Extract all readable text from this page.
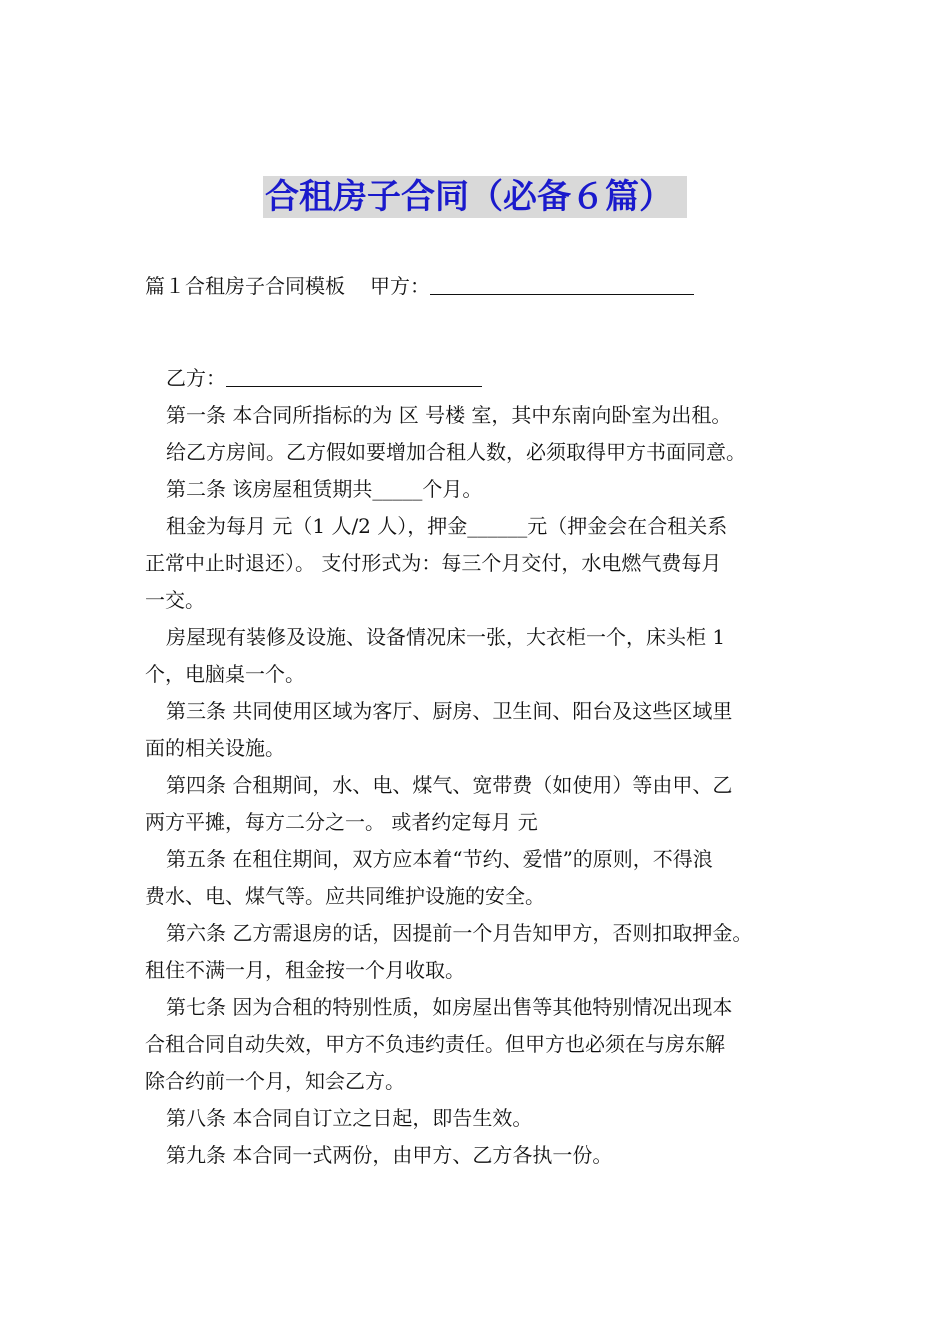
合租房子合同（必备６篇）

篇１合租房子合同模板 甲方：

乙方：

第一条 本合同所指标的为 区 号楼 室，其中东南向卧室为出租。

给乙方房间。乙方假如要增加合租人数，必须取得甲方书面同意。

第二条 该房屋租赁期共_____个月。

租金为每月 元（1 人/2 人），押金______元（押金会在合租关系

正常中止时退还）。 支付形式为：每三个月交付，水电燃气费每月

一交。

房屋现有装修及设施、设备情况床一张，大衣柜一个，床头柜 1

个，电脑桌一个。

第三条 共同使用区域为客厅、厨房、卫生间、阳台及这些区域里

面的相关设施。

第四条 合租期间，水、电、煤气、宽带费（如使用）等由甲、乙

两方平摊，每方二分之一。 或者约定每月 元

第五条 在租住期间，双方应本着“节约、爱惜”的原则，不得浪

费水、电、煤气等。应共同维护设施的安全。

第六条 乙方需退房的话，因提前一个月告知甲方，否则扣取押金。

租住不满一月，租金按一个月收取。

第七条 因为合租的特别性质，如房屋出售等其他特别情况出现本

合租合同自动失效，甲方不负违约责任。但甲方也必须在与房东解

除合约前一个月，知会乙方。

第八条 本合同自订立之日起，即告生效。

第九条 本合同一式两份，由甲方、乙方各执一份。
